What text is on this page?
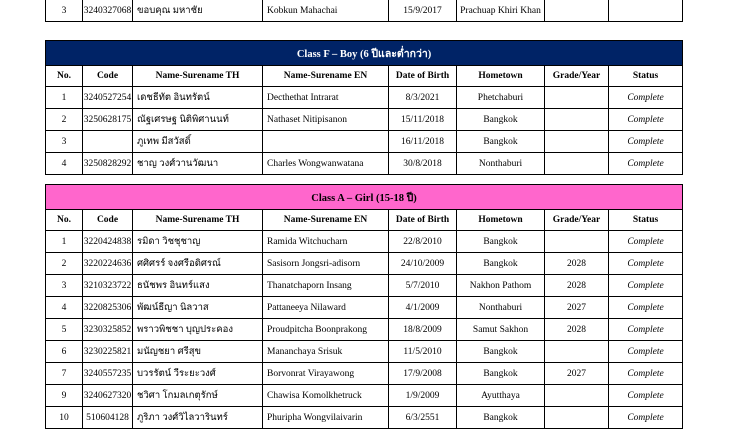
3	3240327068	ขอบคุณ มหาชัย	Kobkun Mahachai	15/9/2017	Prachuap Khiri Khan		
Class F – Boy (6 ปีและต่ำกว่า)							
No.	Code	Name-Surename TH	Name-Surename EN	Date of Birth	Hometown	Grade/Year	Status
1	3240527254	เดชธีทัต อินทรัตน์	Decthethat Intrarat	8/3/2021	Phetchaburi		Complete
2	3250628175	ณัฐเศรษฐ นิติพิศานนท์	Nathaset Nitipisanon	15/11/2018	Bangkok		Complete
3		ภูเทพ มีสวัสดิ์		16/11/2018	Bangkok		Complete
4	3250828292	ชาญ วงศ์วานวัฒนา	Charles Wongwanwatana	30/8/2018	Nonthaburi		Complete
Class A – Girl (15-18 ปี)							
No.	Code	Name-Surename TH	Name-Surename EN	Date of Birth	Hometown	Grade/Year	Status
1	3220424838	รมิดา วิชชุชาญ	Ramida Witchucharn	22/8/2010	Bangkok		Complete
2	3220224636	ศศิศรร์ จงศรีอดิศรณ์	Sasisorn Jongsri-adisorn	24/10/2009	Bangkok	2028	Complete
3	3210323722	ธนัชพร อินทร์แสง	Thanatchaporn Insang	5/7/2010	Nakhon Pathom	2028	Complete
4	3220825306	พัฒน์ธีญา นิลวาส	Pattaneeya Nilaward	4/1/2009	Nonthaburi	2027	Complete
5	3230325852	พราวพิชชา บุญประคอง	Proudpitcha Boonprakong	18/8/2009	Samut Sakhon	2028	Complete
6	3230225821	มนัญชยา ศรีสุข	Mananchaya Srisuk	11/5/2010	Bangkok		Complete
7	3240557235	บวรรัตน์ วีระยะวงศ์	Borvonrat Virayawong	17/9/2008	Bangkok	2027	Complete
9	3240627320	ชวิศา โกมลเกตุรักษ์	Chawisa Komolkhetruck	1/9/2009	Ayutthaya		Complete
10	510604128	ภูริภา วงศ์วิไลวารินทร์	Phuripha Wongvilaivarin	6/3/2551	Bangkok		Complete
